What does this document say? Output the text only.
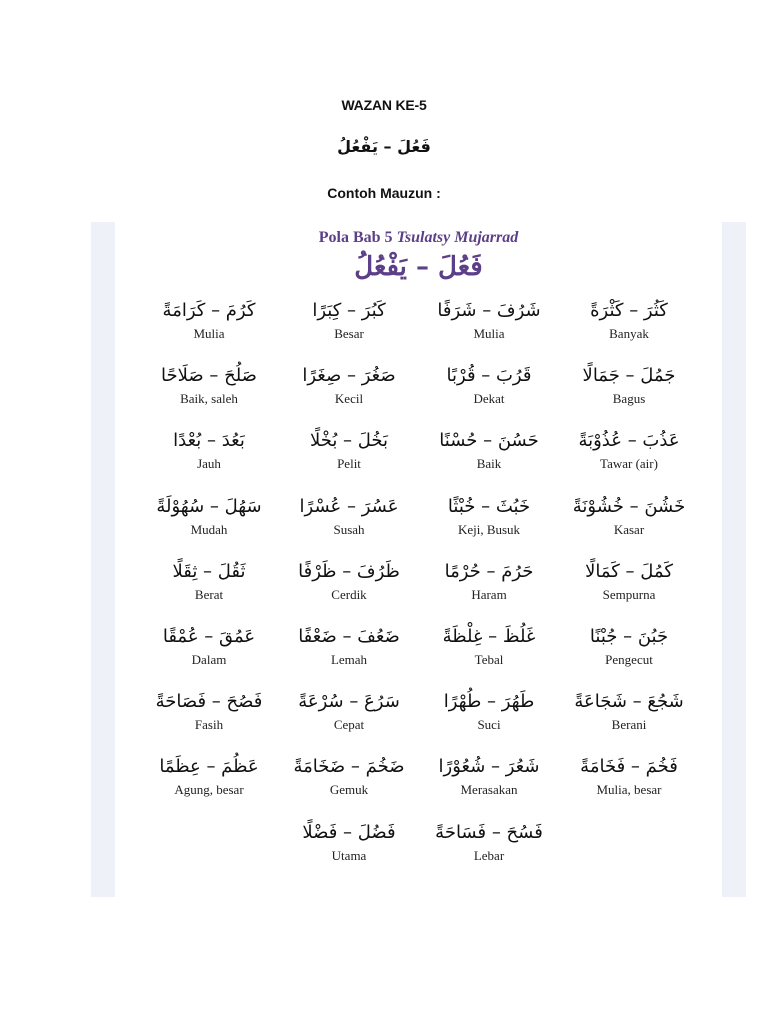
WAZAN KE-5
فَعُلَ – يَفْعُلُ
Contoh Mauzun :
Pola Bab 5 Tsulatsy Mujarrad
فَعُلَ – يَفْعُلُ
كَثُرَ – كَثْرَةً
Banyak
شَرُفَ – شَرَفًا
Mulia
كَبُرَ – كِبَرًا
Besar
كَرُمَ – كَرَامَةً
Mulia
جَمُلَ – جَمَالًا
Bagus
قَرُبَ – قُرْبًا
Dekat
صَغُرَ – صِغَرًا
Kecil
صَلُحَ – صَلَاحًا
Baik, saleh
عَذُبَ – عُذُوْبَةً
Tawar (air)
حَسُنَ – حُسْنًا
Baik
بَخُلَ – بُخْلًا
Pelit
بَعُدَ – بُعْدًا
Jauh
خَشُنَ – خُشُوْنَةً
Kasar
خَبُثَ – خُبْثًا
Keji, Busuk
عَسُرَ – عُسْرًا
Susah
سَهُلَ – سُهُوْلَةً
Mudah
كَمُلَ – كَمَالًا
Sempurna
حَرُمَ – حُرْمًا
Haram
ظَرُفَ – ظَرْفًا
Cerdik
ثَقُلَ – ثِقَلًا
Berat
جَبُنَ – جُبْنًا
Pengecut
غَلُظَ – غِلْظَةً
Tebal
ضَعُفَ – ضَعْفًا
Lemah
عَمُقَ – عُمْقًا
Dalam
شَجُعَ – شَجَاعَةً
Berani
طَهُرَ – طُهْرًا
Suci
سَرُعَ – سُرْعَةً
Cepat
فَصُحَ – فَصَاحَةً
Fasih
فَخُمَ – فَخَامَةً
Mulia, besar
شَعُرَ – شُعُوْرًا
Merasakan
ضَخُمَ – ضَخَامَةً
Gemuk
عَظُمَ – عِظَمًا
Agung, besar
فَسُحَ – فَسَاحَةً
Lebar
فَضُلَ – فَضْلًا
Utama
